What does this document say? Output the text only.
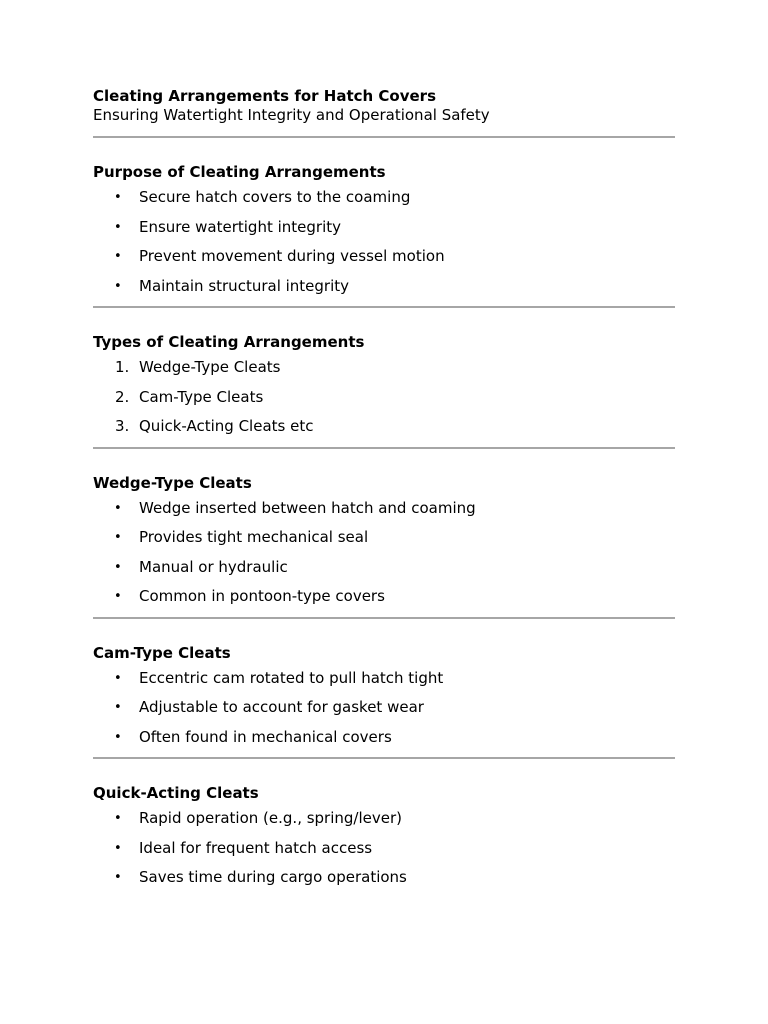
Cleating Arrangements for Hatch Covers

Ensuring Watertight Integrity and Operational Safety

Purpose of Cleating Arrangements
• Secure hatch covers to the coaming
• Ensure watertight integrity
• Prevent movement during vessel motion
• Maintain structural integrity
Types of Cleating Arrangements
1. Wedge-Type Cleats
2. Cam-Type Cleats
3. Quick-Acting Cleats etc
Wedge-Type Cleats
• Wedge inserted between hatch and coaming
• Provides tight mechanical seal
• Manual or hydraulic
• Common in pontoon-type covers
Cam-Type Cleats
• Eccentric cam rotated to pull hatch tight
• Adjustable to account for gasket wear
• Often found in mechanical covers
Quick-Acting Cleats
• Rapid operation (e.g., spring/lever)
• Ideal for frequent hatch access
• Saves time during cargo operations
